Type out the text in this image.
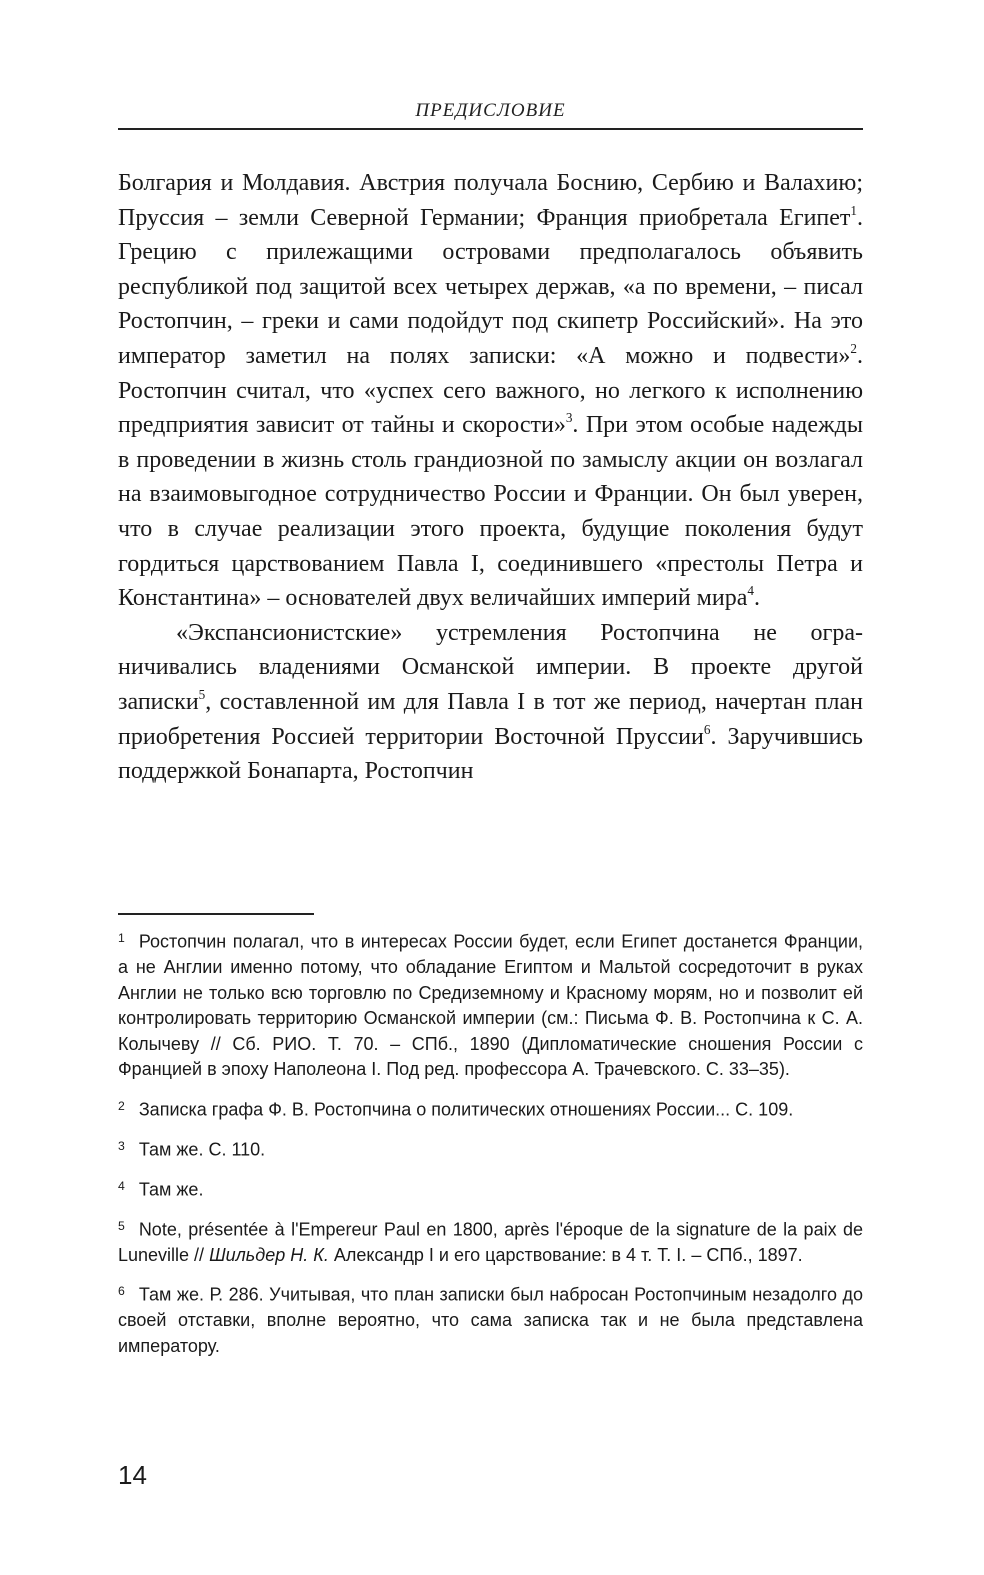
ПРЕДИСЛОВИЕ

Болгария и Молдавия. Австрия получала Боснию, Сербию и Валахию; Пруссия – земли Северной Германии; Франция приобретала Египет$^1$. Грецию с прилежащими островами предполагалось объявить республикой под защитой всех четырех держав, «а по времени, – писал Ростопчин, – греки и сами подойдут под скипетр Российский». На это император заметил на полях записки: «А можно и подвести»$^2$. Ростопчин считал, что «успех сего важного, но легкого к исполнению предприятия зависит от тайны и скорости»$^3$. При этом особые надежды в проведении в жизнь столь грандиозной по замыслу акции он возлагал на взаимовыгодное сотрудничество России и Франции. Он был уверен, что в случае реализации этого проекта, будущие поколения будут гордиться царствованием Павла I, соединившего «престолы Петра и Константина» – основателей двух величайших империй мира$^4$.

«Экспансионистские» устремления Ростопчина не ограничивались владениями Османской империи. В проекте другой записки$^5$, составленной им для Павла I в тот же период, начертан план приобретения Россией территории Восточной Пруссии$^6$. Заручившись поддержкой Бонапарта, Ростопчин

$^1$ Ростопчин полагал, что в интересах России будет, если Египет достанется Франции, а не Англии именно потому, что обладание Египтом и Мальтой сосредоточит в руках Англии не только всю торговлю по Средиземному и Красному морям, но и позволит ей контролировать территорию Османской империи (см.: Письма Ф. В. Ростопчина к С. А. Колычеву // Сб. РИО. Т. 70. – СПб., 1890 (Дипломатические сношения России с Францией в эпоху Наполеона I. Под ред. профессора А. Трачевского. С. 33–35).

$^2$ Записка графа Ф. В. Ростопчина о политических отношениях России... С. 109.

$^3$ Там же. С. 110.

$^4$ Там же.

$^5$ Note, présentée à l'Empereur Paul en 1800, après l'époque de la signature de la paix de Luneville // Шильдер Н. К. Александр I и его царствование: в 4 т. Т. I. – СПб., 1897.

$^6$ Там же. Р. 286. Учитывая, что план записки был набросан Ростопчиным незадолго до своей отставки, вполне вероятно, что сама записка так и не была представлена императору.

14
